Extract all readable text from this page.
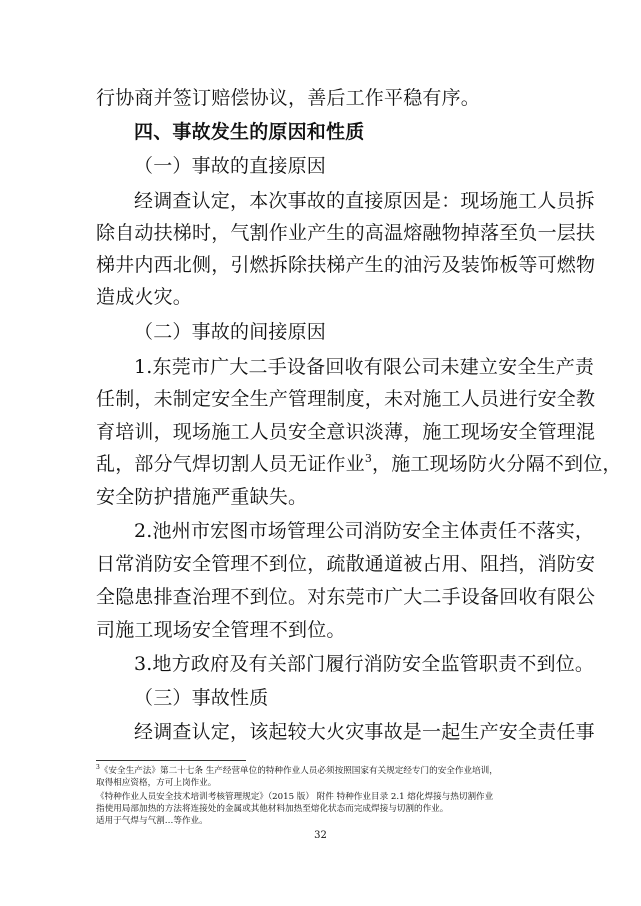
行协商并签订赔偿协议，善后工作平稳有序。
四、事故发生的原因和性质
（一）事故的直接原因
经调查认定，本次事故的直接原因是：现场施工人员拆
除自动扶梯时，气割作业产生的高温熔融物掉落至负一层扶
梯井内西北侧，引燃拆除扶梯产生的油污及装饰板等可燃物
造成火灾。
（二）事故的间接原因
1.东莞市广大二手设备回收有限公司未建立安全生产责
任制，未制定安全生产管理制度，未对施工人员进行安全教
育培训，现场施工人员安全意识淡薄，施工现场安全管理混
乱，部分气焊切割人员无证作业$^3$，施工现场防火分隔不到位，
安全防护措施严重缺失。
2.池州市宏图市场管理公司消防安全主体责任不落实，
日常消防安全管理不到位，疏散通道被占用、阻挡，消防安
全隐患排查治理不到位。对东莞市广大二手设备回收有限公
司施工现场安全管理不到位。
3.地方政府及有关部门履行消防安全监管职责不到位。
（三）事故性质
经调查认定，该起较大火灾事故是一起生产安全责任事
$^3$《安全生产法》第二十七条 生产经营单位的特种作业人员必须按照国家有关规定经专门的安全作业培训，
取得相应资格，方可上岗作业。
《特种作业人员安全技术培训考核管理规定》（2015 版） 附件 特种作业目录 2.1 熔化焊接与热切割作业
指使用局部加热的方法将连接处的金属或其他材料加热至熔化状态而完成焊接与切割的作业。
适用于气焊与气割…等作业。
32
